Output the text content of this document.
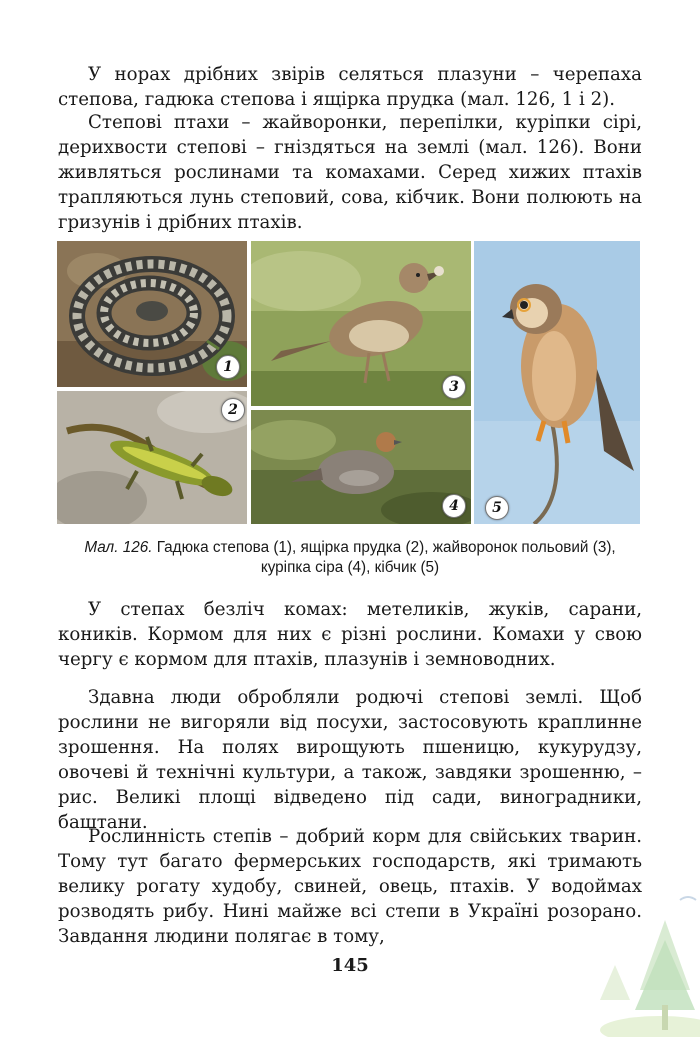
У норах дрібних звірів селяться плазуни – черепаха степова, гадюка степова і ящірка прудка (мал. 126, 1 і 2).

Степові птахи – жайворонки, перепілки, куріпки сірі, дерихвости степові – гніздяться на землі (мал. 126). Вони живляться рослинами та комахами. Серед хижих птахів трапляються лунь степовий, сова, кібчик. Вони полюють на гризунів і дрібних птахів.

1
2
3
4	5
Мал. 126. Гадюка степова (1), ящірка прудка (2), жайворонок польовий (3), куріпка сіра (4), кібчик (5)

У степах безліч комах: метеликів, жуків, сарани, коників. Кормом для них є різні рослини. Комахи у свою чергу є кормом для птахів, плазунів і земноводних.

Здавна люди обробляли родючі степові землі. Щоб рослини не вигоряли від посухи, застосовують краплинне зрошення. На полях вирощують пшеницю, кукурудзу, овочеві й технічні культури, а також, завдяки зрошенню, – рис. Великі площі відведено під сади, виноградники, баштани.

Рослинність степів – добрий корм для свійських тварин. Тому тут багато фермерських господарств, які тримають велику рогату худобу, свиней, овець, птахів. У водоймах розводять рибу. Нині майже всі степи в Україні розорано. Завдання людини полягає в тому,

145
